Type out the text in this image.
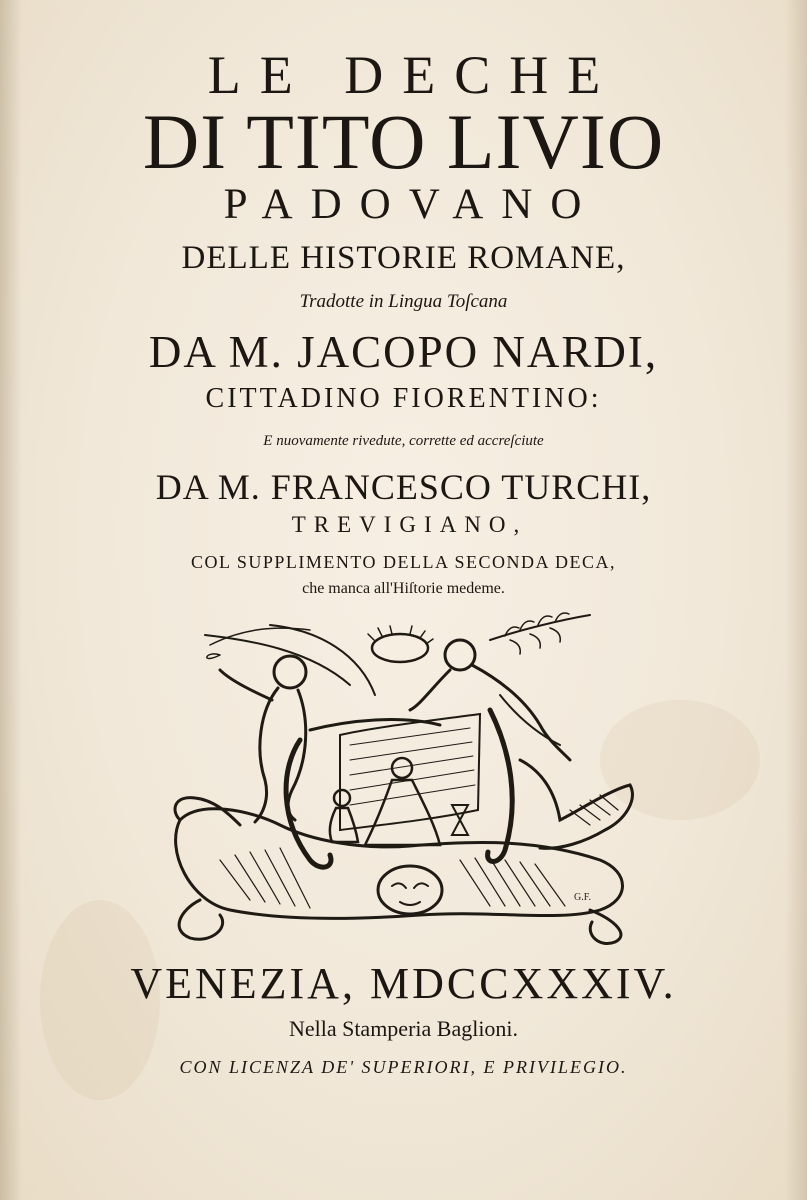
LE DECHE
DI TITO LIVIO
PADOVANO
DELLE HISTORIE ROMANE,
Tradotte in Lingua Toſcana
DA M. JACOPO NARDI,
CITTADINO FIORENTINO:
E nuovamente rivedute, corrette ed accreſciute
DA M. FRANCESCO TURCHI,
TREVIGIANO,
COL SUPPLIMENTO DELLA SECONDA DECA,
che manca all'Hiſtorie medeme.
G.F.
VENEZIA, MDCCXXXIV.
Nella Stamperia Baglioni.
CON LICENZA DE' SUPERIORI, E PRIVILEGIO.
